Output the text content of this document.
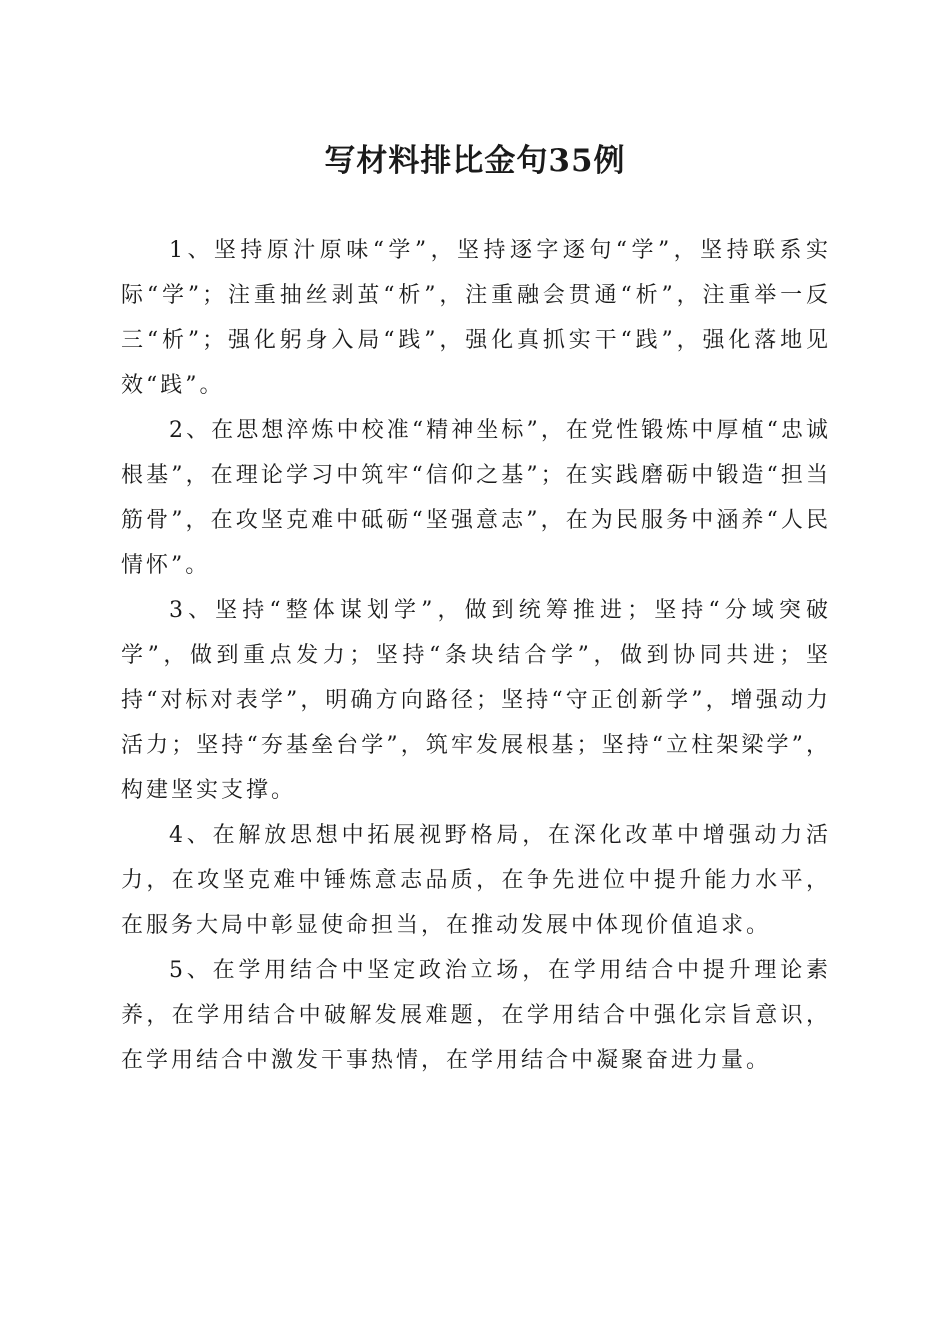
写材料排比金句35例

1、坚持原汁原味“学”，坚持逐字逐句“学”，坚持联系实际“学”；注重抽丝剥茧“析”，注重融会贯通“析”，注重举一反三“析”；强化躬身入局“践”，强化真抓实干“践”，强化落地见效“践”。

2、在思想淬炼中校准“精神坐标”，在党性锻炼中厚植“忠诚根基”，在理论学习中筑牢“信仰之基”；在实践磨砺中锻造“担当筋骨”，在攻坚克难中砥砺“坚强意志”，在为民服务中涵养“人民情怀”。

3、坚持“整体谋划学”，做到统筹推进；坚持“分域突破学”，做到重点发力；坚持“条块结合学”，做到协同共进；坚持“对标对表学”，明确方向路径；坚持“守正创新学”，增强动力活力；坚持“夯基垒台学”，筑牢发展根基；坚持“立柱架梁学”，构建坚实支撑。

4、在解放思想中拓展视野格局，在深化改革中增强动力活力，在攻坚克难中锤炼意志品质，在争先进位中提升能力水平，在服务大局中彰显使命担当，在推动发展中体现价值追求。

5、在学用结合中坚定政治立场，在学用结合中提升理论素养，在学用结合中破解发展难题，在学用结合中强化宗旨意识，在学用结合中激发干事热情，在学用结合中凝聚奋进力量。
